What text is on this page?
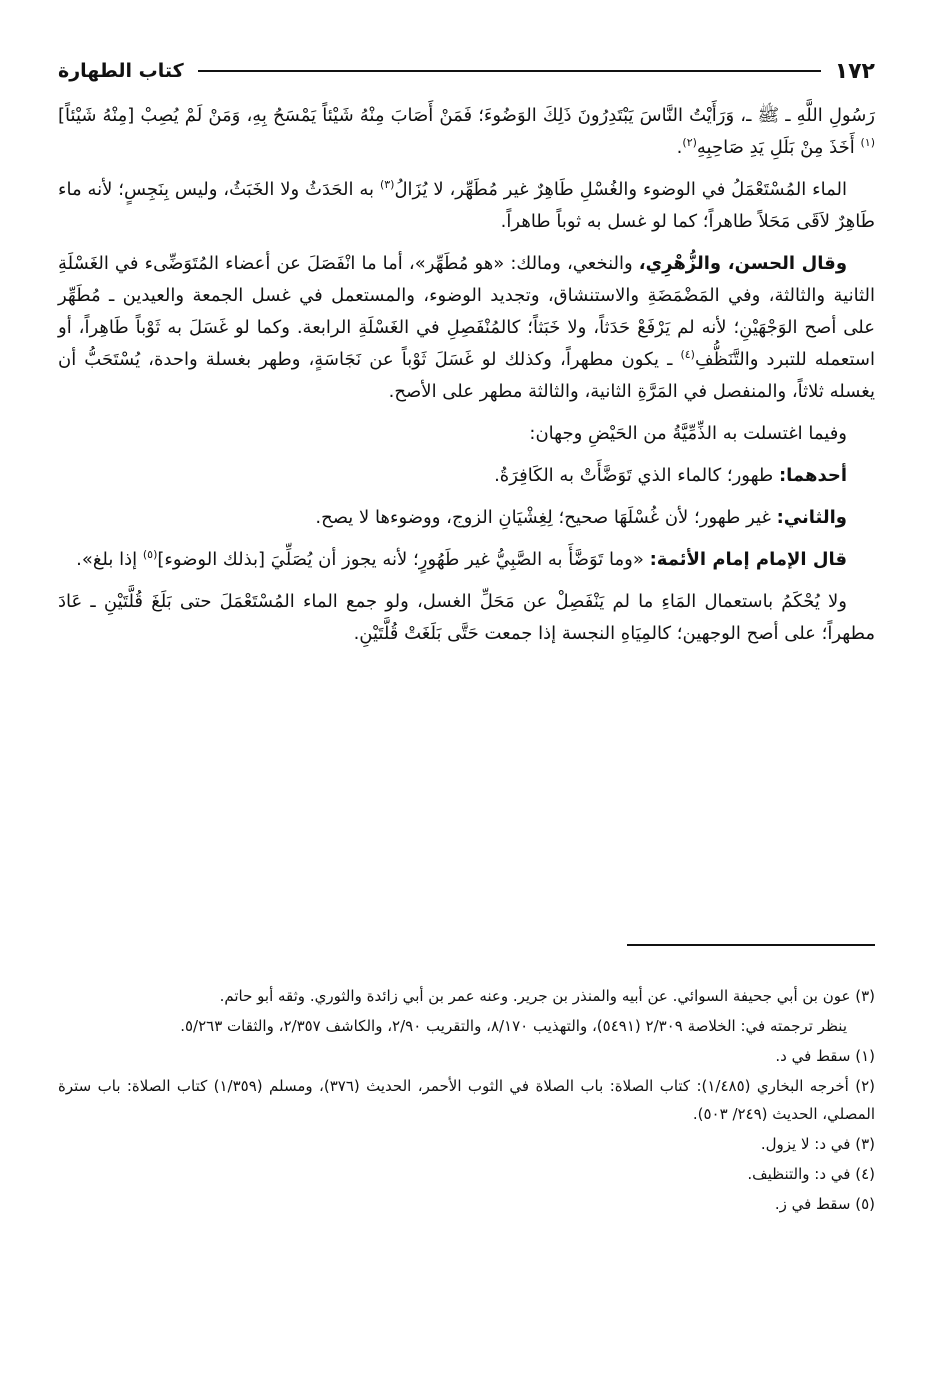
١٧٢
كتاب الطهارة

رَسُولِ اللَّهِ ـ ﷺ ـ، وَرَأَيْتُ النَّاسَ يَبْتَدِرُونَ ذَلِكَ الوَضُوءَ؛ فَمَنْ أَصَابَ مِنْهُ شَيْئاً يَمْسَحُ بِهِ، وَمَنْ لَمْ يُصِبْ [مِنْهُ شَيْئاً]$^{(١)}$ أَخَذَ مِنْ بَلَلِ يَدِ صَاحِبِهِ$^{(٢)}$.

الماء المُسْتَعْمَلُ في الوضوء والغُسْلِ طَاهِرٌ غير مُطَهِّر، لا يُزَالُ$^{(٣)}$ به الحَدَثُ ولا الخَبَثُ، وليس بِنَجِسٍ؛ لأنه ماء طَاهِرٌ لاَقَى مَحَلاً طاهراً؛ كما لو غسل به ثوباً طاهراً.

وقال الحسن، والزُّهْرِي، والنخعي، ومالك: «هو مُطَهِّر»، أما ما انْفَصَلَ عن أعضاء المُتَوَضِّىء في الغَسْلَةِ الثانية والثالثة، وفي المَضْمَضَةِ والاستنشاق، وتجديد الوضوء، والمستعمل في غسل الجمعة والعيدين ـ مُطَهِّر على أصح الوَجْهَيْنِ؛ لأنه لم يَرْفَعْ حَدَثاً، ولا خَبَثاً؛ كالمُنْفَصِلِ في الغَسْلَةِ الرابعة. وكما لو غَسَلَ به ثَوْباً طَاهِراً، أو استعمله للتبرد والتَّنَظُّفِ$^{(٤)}$ ـ يكون مطهراً، وكذلك لو غَسَلَ ثَوْباً عن نَجَاسَةٍ، وطهر بغسلة واحدة، يُسْتَحَبُّ أن يغسله ثلاثاً، والمنفصل في المَرَّةِ الثانية، والثالثة مطهر على الأصح.

وفيما اغتسلت به الذِّمِّيَّةُ من الحَيْضِ وجهان:

أحدهما: طهور؛ كالماء الذي تَوَضَّأَتْ به الكَافِرَةُ.

والثاني: غير طهور؛ لأن غُسْلَهَا صحيح؛ لِغِشْيَانِ الزوج، ووضوءها لا يصح.

قال الإمام إمام الأئمة: «وما تَوَضَّأَ به الصَّبِيُّ غير طَهُورٍ؛ لأنه يجوز أن يُصَلِّيَ [بذلك الوضوء]$^{(٥)}$ إذا بلغ».

ولا يُحْكَمُ باستعمال المَاءِ ما لم يَنْفَصِلْ عن مَحَلِّ الغسل، ولو جمع الماء المُسْتَعْمَلَ حتى بَلَغَ قُلَّتَيْنِ ـ عَادَ مطهراً؛ على أصح الوجهين؛ كالمِيَاهِ النجسة إذا جمعت حَتَّى بَلَغَتْ قُلَّتَيْنِ.

(٣) عون بن أبي جحيفة السوائي. عن أبيه والمنذر بن جرير. وعنه عمر بن أبي زائدة والثوري. وثقه أبو حاتم.

ينظر ترجمته في: الخلاصة ٢/٣٠٩ (٥٤٩١)، والتهذيب ٨/١٧٠، والتقريب ٢/٩٠، والكاشف ٢/٣٥٧، والثقات ٥/٢٦٣.

(١) سقط في د.

(٢) أخرجه البخاري (١/٤٨٥): كتاب الصلاة: باب الصلاة في الثوب الأحمر، الحديث (٣٧٦)، ومسلم (١/٣٥٩) كتاب الصلاة: باب سترة المصلي، الحديث (٢٤٩/ ٥٠٣).

(٣) في د: لا يزول.

(٤) في د: والتنظيف.

(٥) سقط في ز.
